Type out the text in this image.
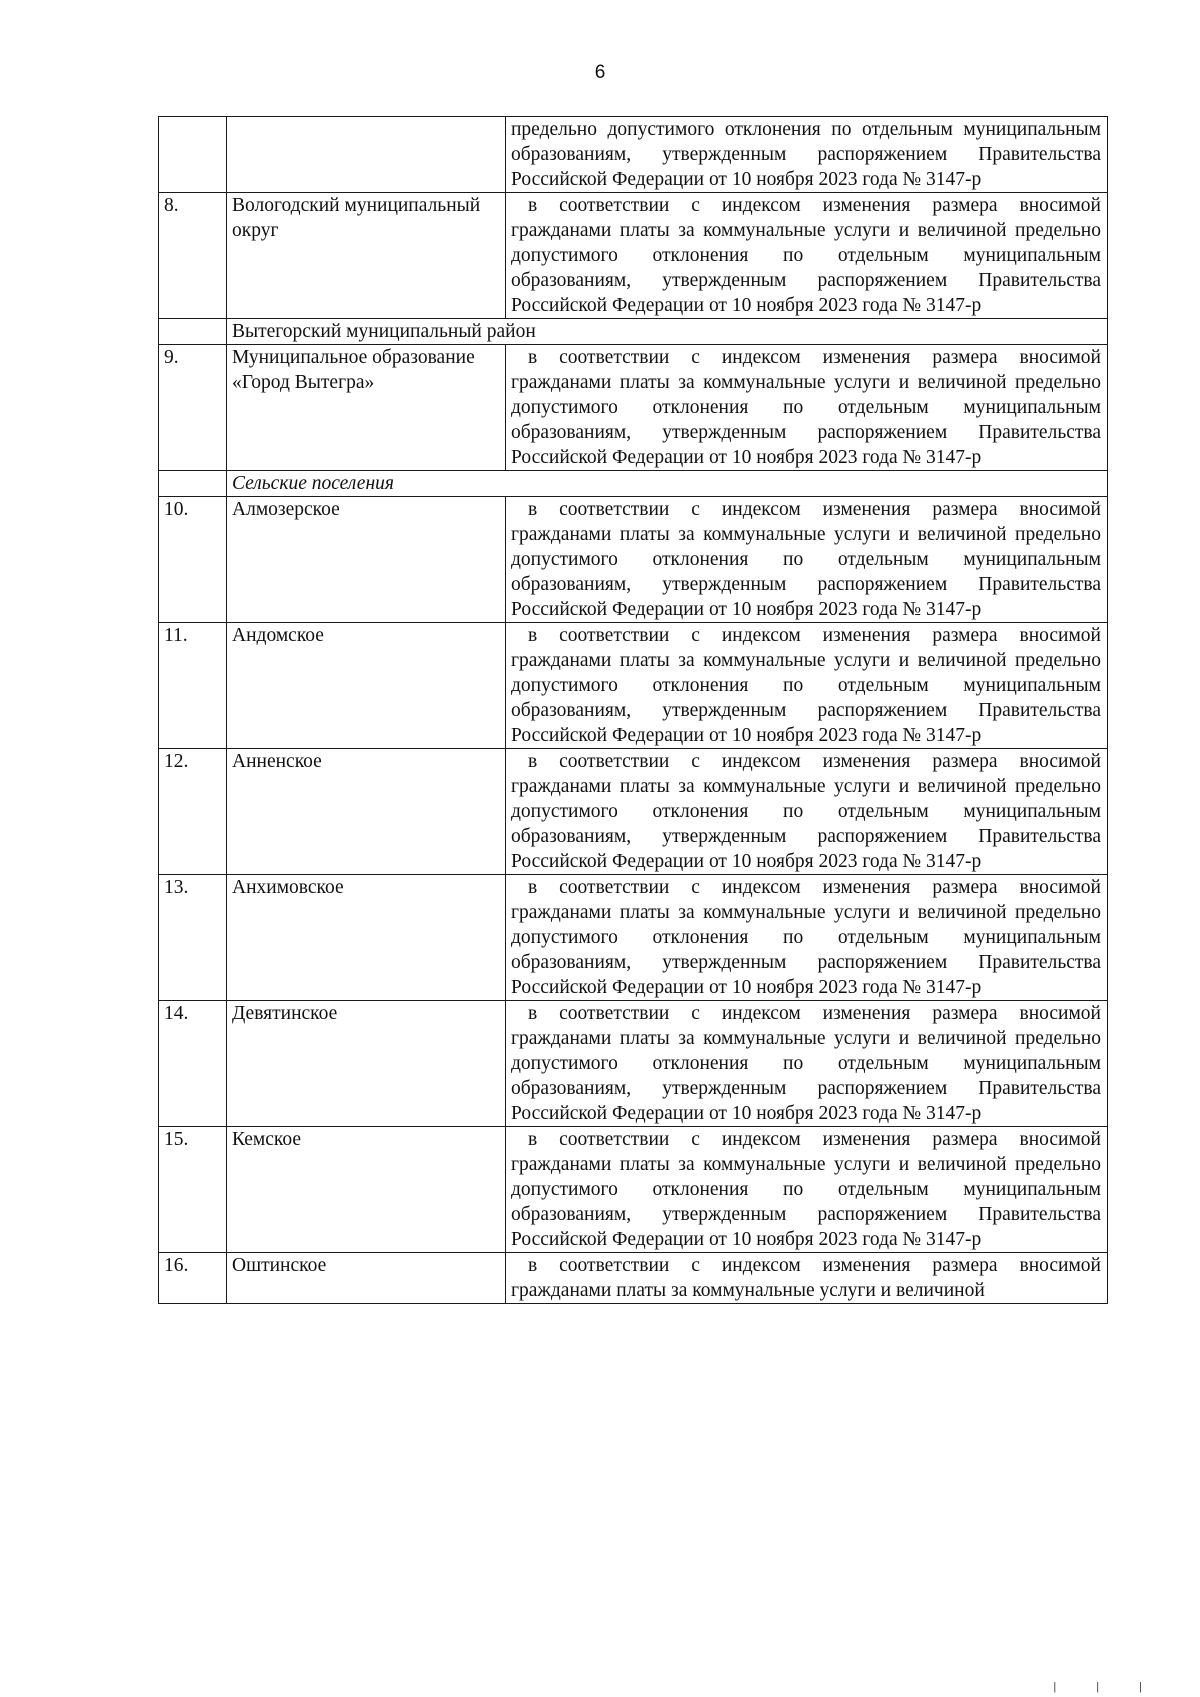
6
		предельно допустимого отклонения по отдельным муниципальным образованиям, утвержденным распоряжением Правительства Российской Федерации от 10 ноября 2023 года № 3147-р
8.	Вологодский муниципальный округ	в соответствии с индексом изменения размера вносимой гражданами платы за коммунальные услуги и величиной предельно допустимого отклонения по отдельным муниципальным образованиям, утвержденным распоряжением Правительства Российской Федерации от 10 ноября 2023 года № 3147-р
	Вытегорский муниципальный район	
9.	Муниципальное образование «Город Вытегра»	в соответствии с индексом изменения размера вносимой гражданами платы за коммунальные услуги и величиной предельно допустимого отклонения по отдельным муниципальным образованиям, утвержденным распоряжением Правительства Российской Федерации от 10 ноября 2023 года № 3147-р
	Сельские поселения	
10.	Алмозерское	в соответствии с индексом изменения размера вносимой гражданами платы за коммунальные услуги и величиной предельно допустимого отклонения по отдельным муниципальным образованиям, утвержденным распоряжением Правительства Российской Федерации от 10 ноября 2023 года № 3147-р
11.	Андомское	в соответствии с индексом изменения размера вносимой гражданами платы за коммунальные услуги и величиной предельно допустимого отклонения по отдельным муниципальным образованиям, утвержденным распоряжением Правительства Российской Федерации от 10 ноября 2023 года № 3147-р
12.	Анненское	в соответствии с индексом изменения размера вносимой гражданами платы за коммунальные услуги и величиной предельно допустимого отклонения по отдельным муниципальным образованиям, утвержденным распоряжением Правительства Российской Федерации от 10 ноября 2023 года № 3147-р
13.	Анхимовское	в соответствии с индексом изменения размера вносимой гражданами платы за коммунальные услуги и величиной предельно допустимого отклонения по отдельным муниципальным образованиям, утвержденным распоряжением Правительства Российской Федерации от 10 ноября 2023 года № 3147-р
14.	Девятинское	в соответствии с индексом изменения размера вносимой гражданами платы за коммунальные услуги и величиной предельно допустимого отклонения по отдельным муниципальным образованиям, утвержденным распоряжением Правительства Российской Федерации от 10 ноября 2023 года № 3147-р
15.	Кемское	в соответствии с индексом изменения размера вносимой гражданами платы за коммунальные услуги и величиной предельно допустимого отклонения по отдельным муниципальным образованиям, утвержденным распоряжением Правительства Российской Федерации от 10 ноября 2023 года № 3147-р
16.	Оштинское	в соответствии с индексом изменения размера вносимой гражданами платы за коммунальные услуги и величиной
|||
